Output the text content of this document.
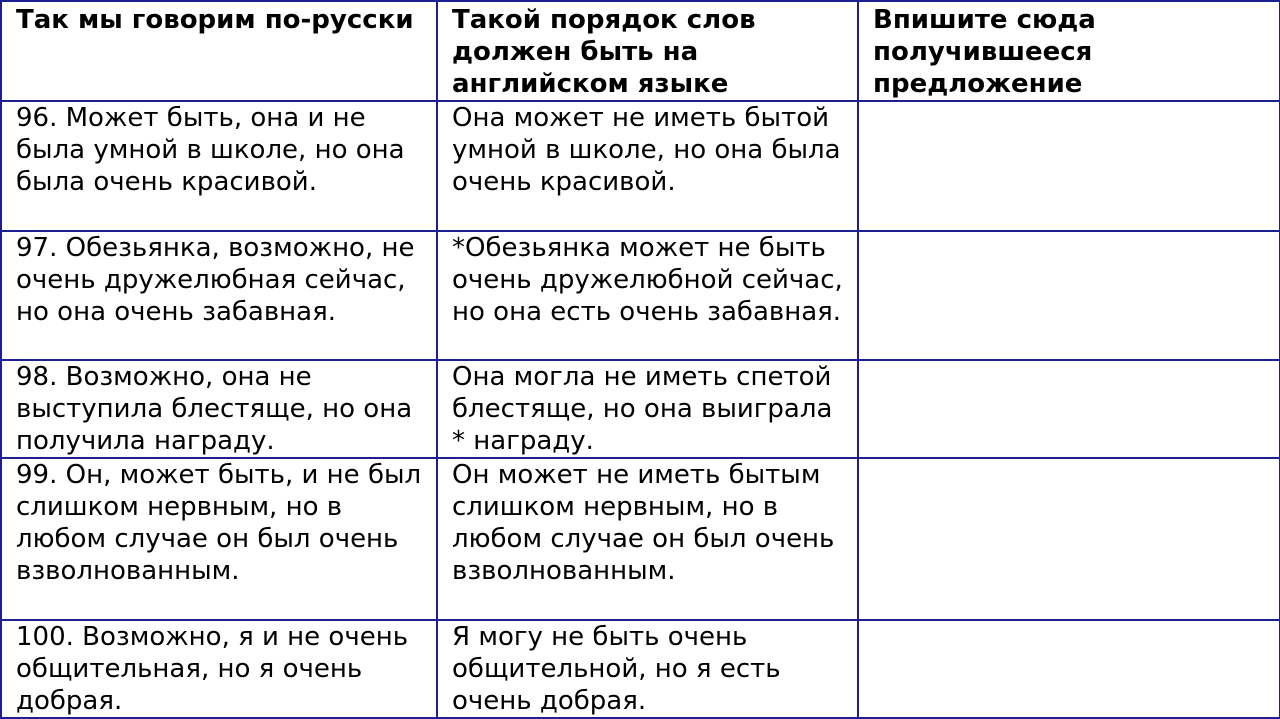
Так мы говорим по-русски	Такой порядок слов должен быть на английском языке	Впишите сюда получившееся предложение
96. Может быть, она и не была умной в школе, но она была очень красивой.	Она может не иметь бытой умной в школе, но она была очень красивой.	
97. Обезьянка, возможно, не очень дружелюбная сейчас, но она очень забавная.	*Обезьянка может не быть очень дружелюбной сейчас, но она есть очень забавная.	
98. Возможно, она не выступила блестяще, но она получила награду.	Она могла не иметь спетой блестяще, но она выиграла * награду.	
99. Он, может быть, и не был слишком нервным, но в любом случае он был очень взволнованным.	Он может не иметь бытым слишком нервным, но в любом случае он был очень взволнованным.	
100. Возможно, я и не очень общительная, но я очень добрая.	Я могу не быть очень общительной, но я есть очень добрая.	
